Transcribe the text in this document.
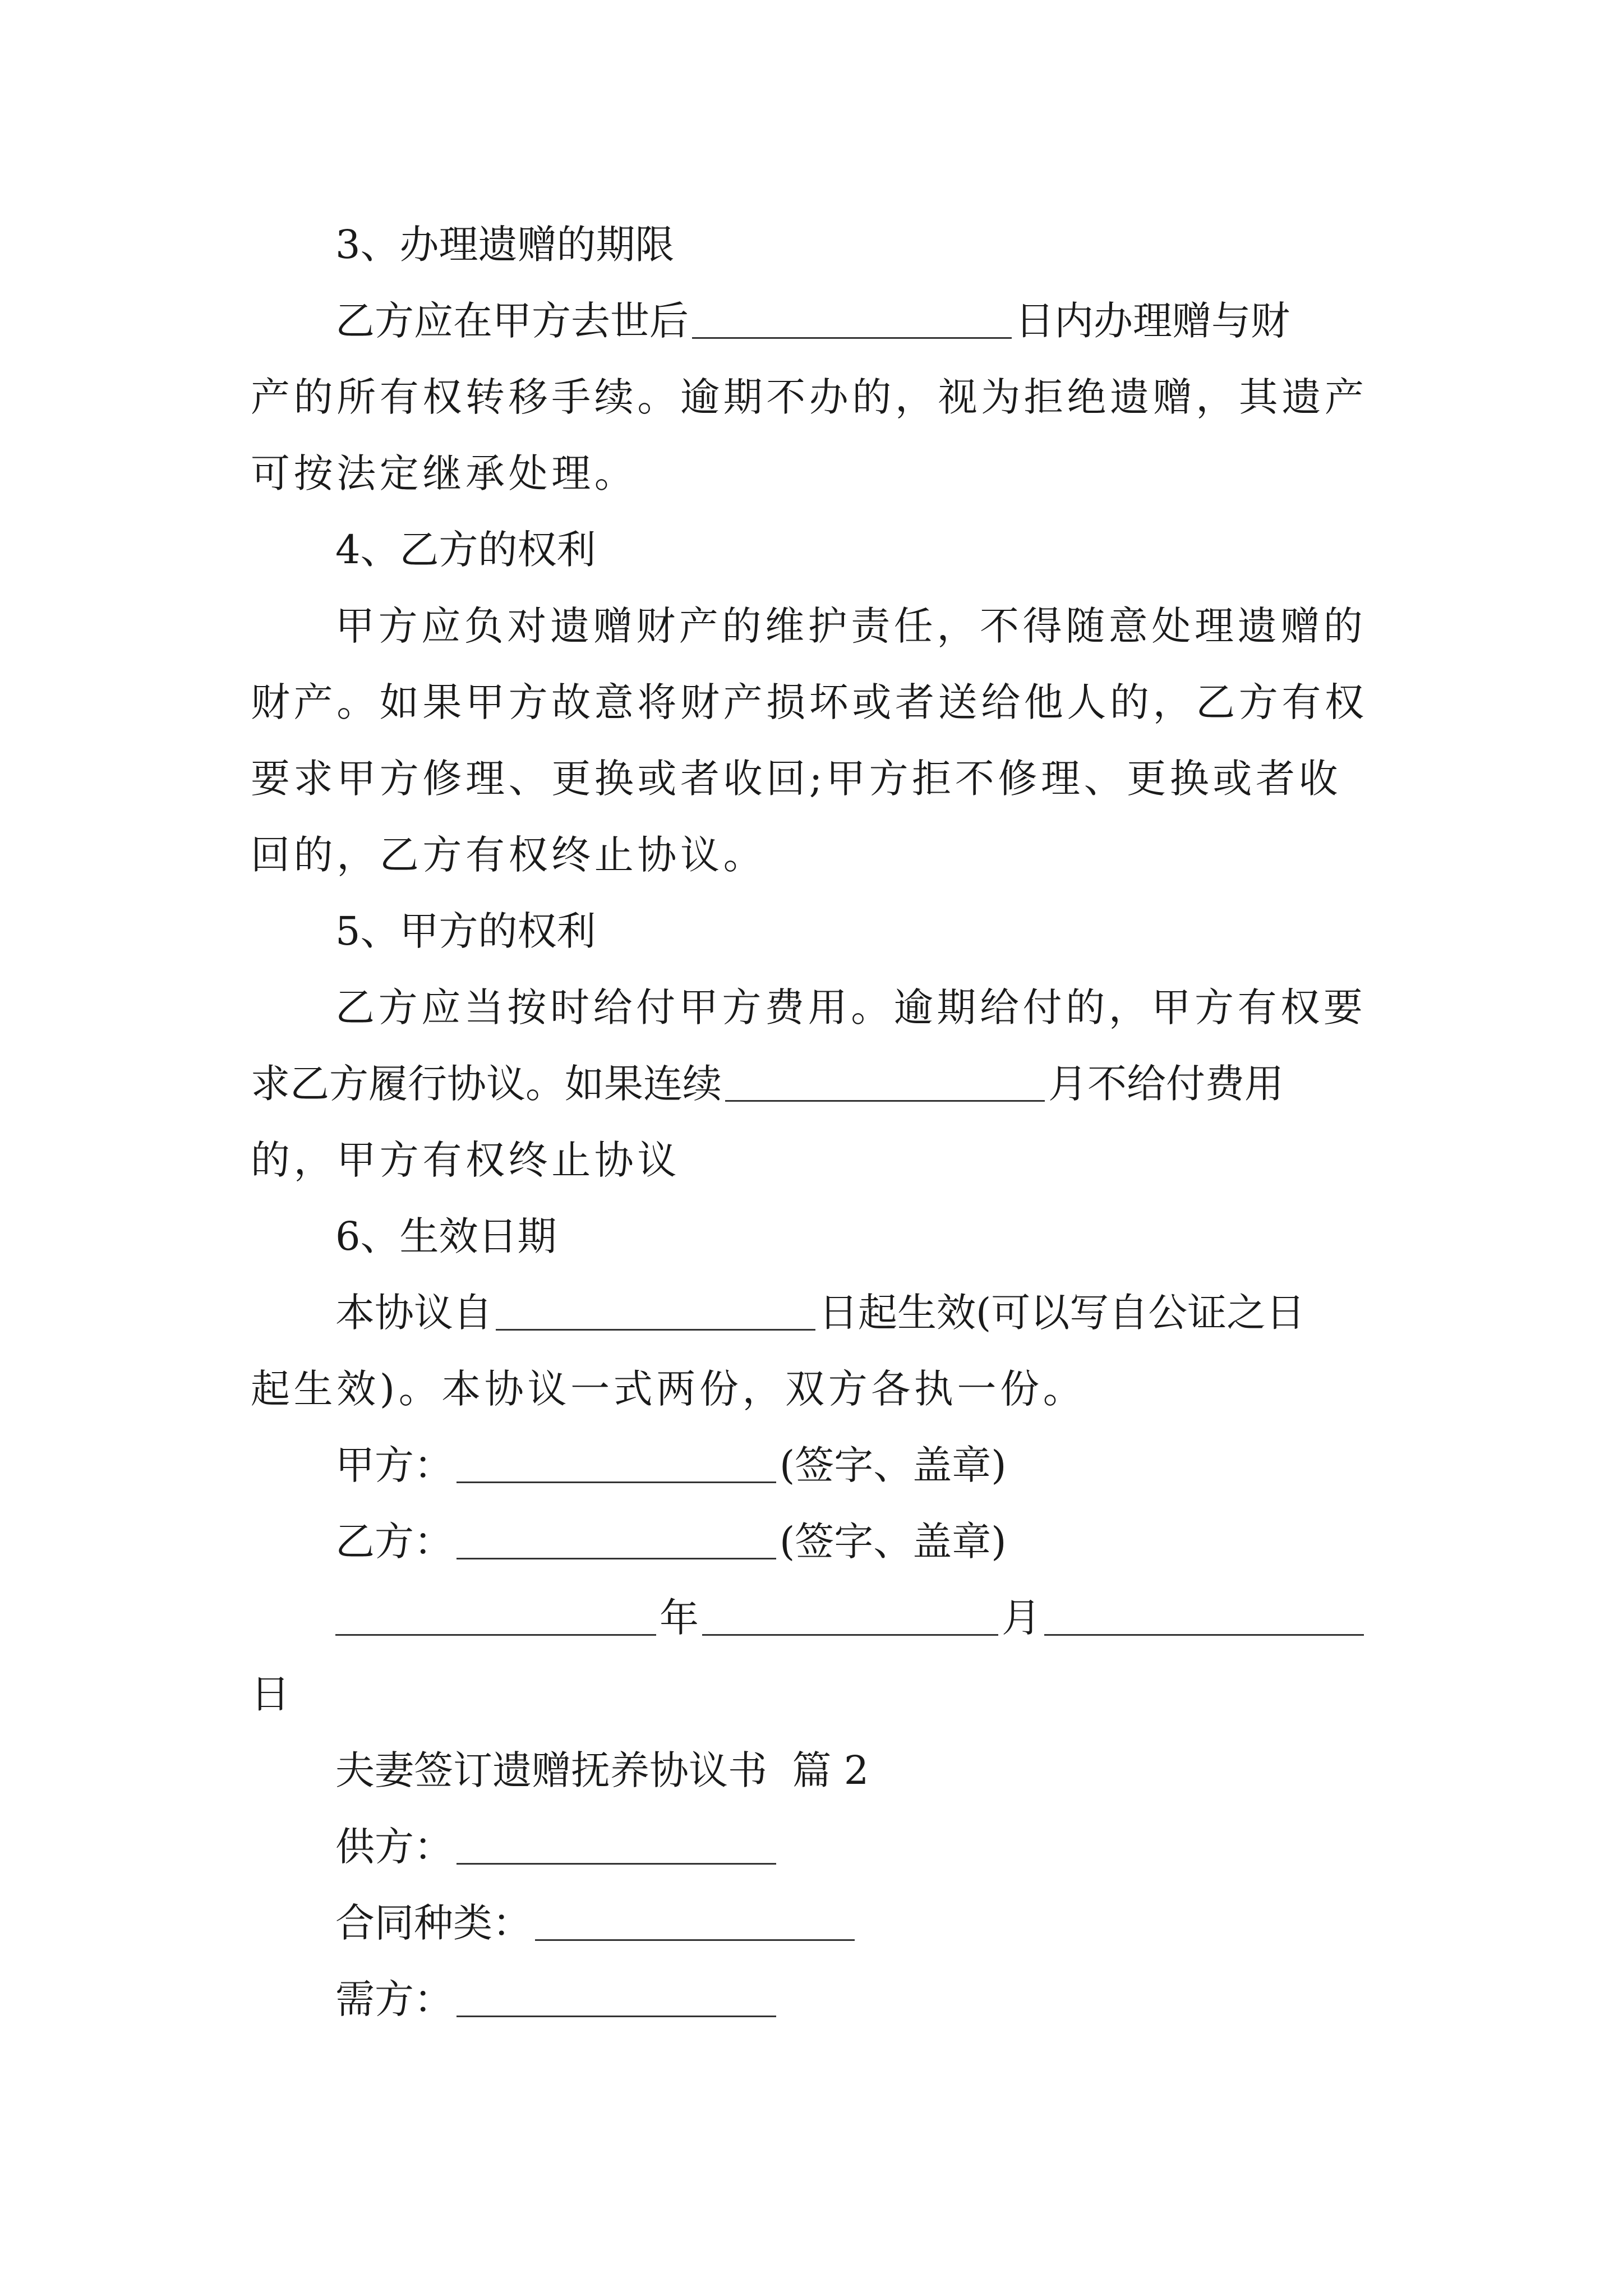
3、办理遗赠的期限
乙方应在甲方去世后	日内办理赠与财
产的所有权转移手续。逾期不办的，视为拒绝遗赠，其遗产
可按法定继承处理。
4、乙方的权利
甲方应负对遗赠财产的维护责任，不得随意处理遗赠的
财产。如果甲方故意将财产损坏或者送给他人的，乙方有权
要求甲方修理、更换或者收回;甲方拒不修理、更换或者收
回的，乙方有权终止协议。
5、甲方的权利
乙方应当按时给付甲方费用。逾期给付的，甲方有权要
求乙方履行协议。如果连续	月不给付费用
的，甲方有权终止协议
6、生效日期
本协议自	日起生效(可以写自公证之日
起生效)。本协议一式两份，双方各执一份。
甲方：	(签字、盖章)
乙方：	(签字、盖章)
年	月
日
夫妻签订遗赠抚养协议书  篇 2
供方：
合同种类：
需方：
